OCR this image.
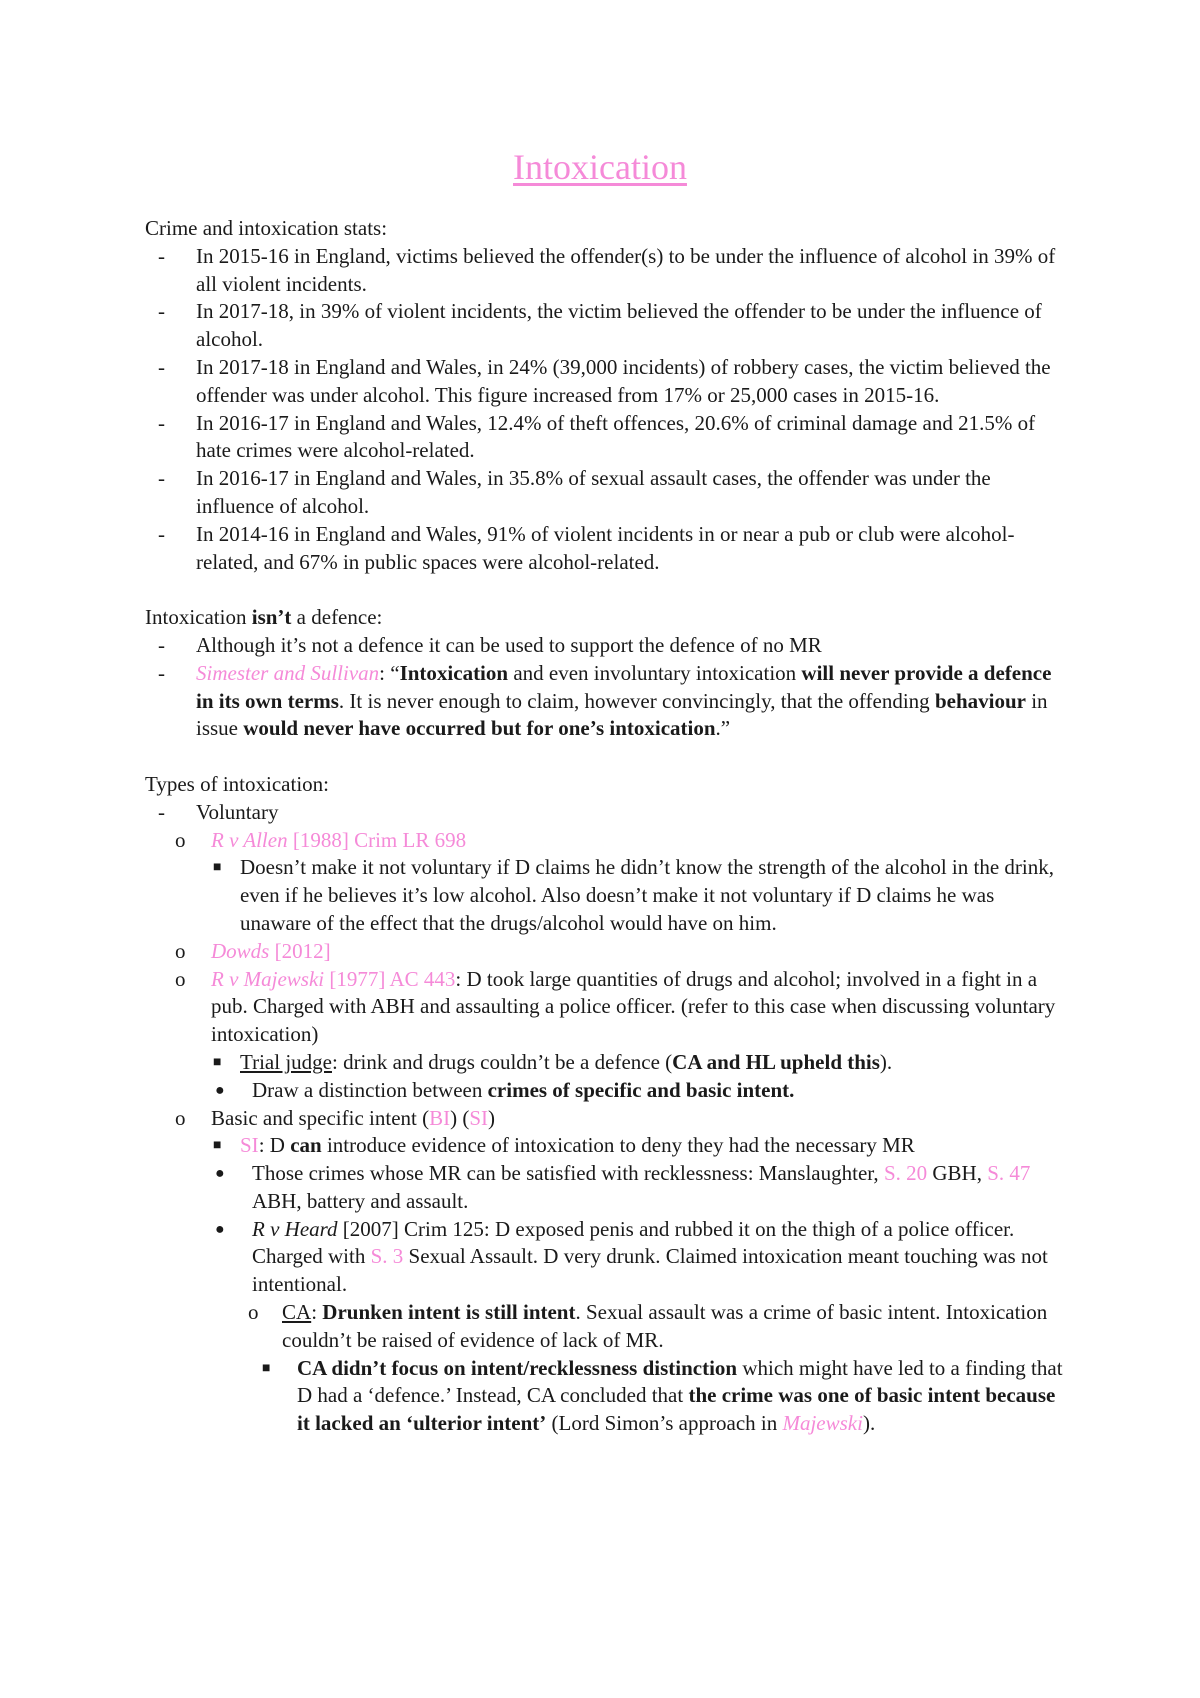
Intoxication

Crime and intoxication stats:

- In 2015-16 in England, victims believed the offender(s) to be under the influence of alcohol in 39% of all violent incidents.
- In 2017-18, in 39% of violent incidents, the victim believed the offender to be under the influence of alcohol.
- In 2017-18 in England and Wales, in 24% (39,000 incidents) of robbery cases, the victim believed the offender was under alcohol. This figure increased from 17% or 25,000 cases in 2015-16.
- In 2016-17 in England and Wales, 12.4% of theft offences, 20.6% of criminal damage and 21.5% of hate crimes were alcohol-related.
- In 2016-17 in England and Wales, in 35.8% of sexual assault cases, the offender was under the influence of alcohol.
- In 2014-16 in England and Wales, 91% of violent incidents in or near a pub or club were alcohol-related, and 67% in public spaces were alcohol-related.

Intoxication isn’t a defence:

- Although it’s not a defence it can be used to support the defence of no MR
- Simester and Sullivan: “Intoxication and even involuntary intoxication will never provide a defence in its own terms. It is never enough to claim, however convincingly, that the offending behaviour in issue would never have occurred but for one’s intoxication.”

Types of intoxication:

- Voluntary
o R v Allen [1988] Crim LR 698
■ Doesn’t make it not voluntary if D claims he didn’t know the strength of the alcohol in the drink, even if he believes it’s low alcohol. Also doesn’t make it not voluntary if D claims he was unaware of the effect that the drugs/alcohol would have on him.
o Dowds [2012]
o R v Majewski [1977] AC 443: D took large quantities of drugs and alcohol; involved in a fight in a pub. Charged with ABH and assaulting a police officer. (refer to this case when discussing voluntary intoxication)
■ Trial judge: drink and drugs couldn’t be a defence (CA and HL upheld this).
● Draw a distinction between crimes of specific and basic intent.
o Basic and specific intent (BI) (SI)
■ SI: D can introduce evidence of intoxication to deny they had the necessary MR
● Those crimes whose MR can be satisfied with recklessness: Manslaughter, S. 20 GBH, S. 47 ABH, battery and assault.
● R v Heard [2007] Crim 125: D exposed penis and rubbed it on the thigh of a police officer. Charged with S. 3 Sexual Assault. D very drunk. Claimed intoxication meant touching was not intentional.
o CA: Drunken intent is still intent. Sexual assault was a crime of basic intent. Intoxication couldn’t be raised of evidence of lack of MR.
■ CA didn’t focus on intent/recklessness distinction which might have led to a finding that D had a ‘defence.’ Instead, CA concluded that the crime was one of basic intent because it lacked an ‘ulterior intent’ (Lord Simon’s approach in Majewski).
